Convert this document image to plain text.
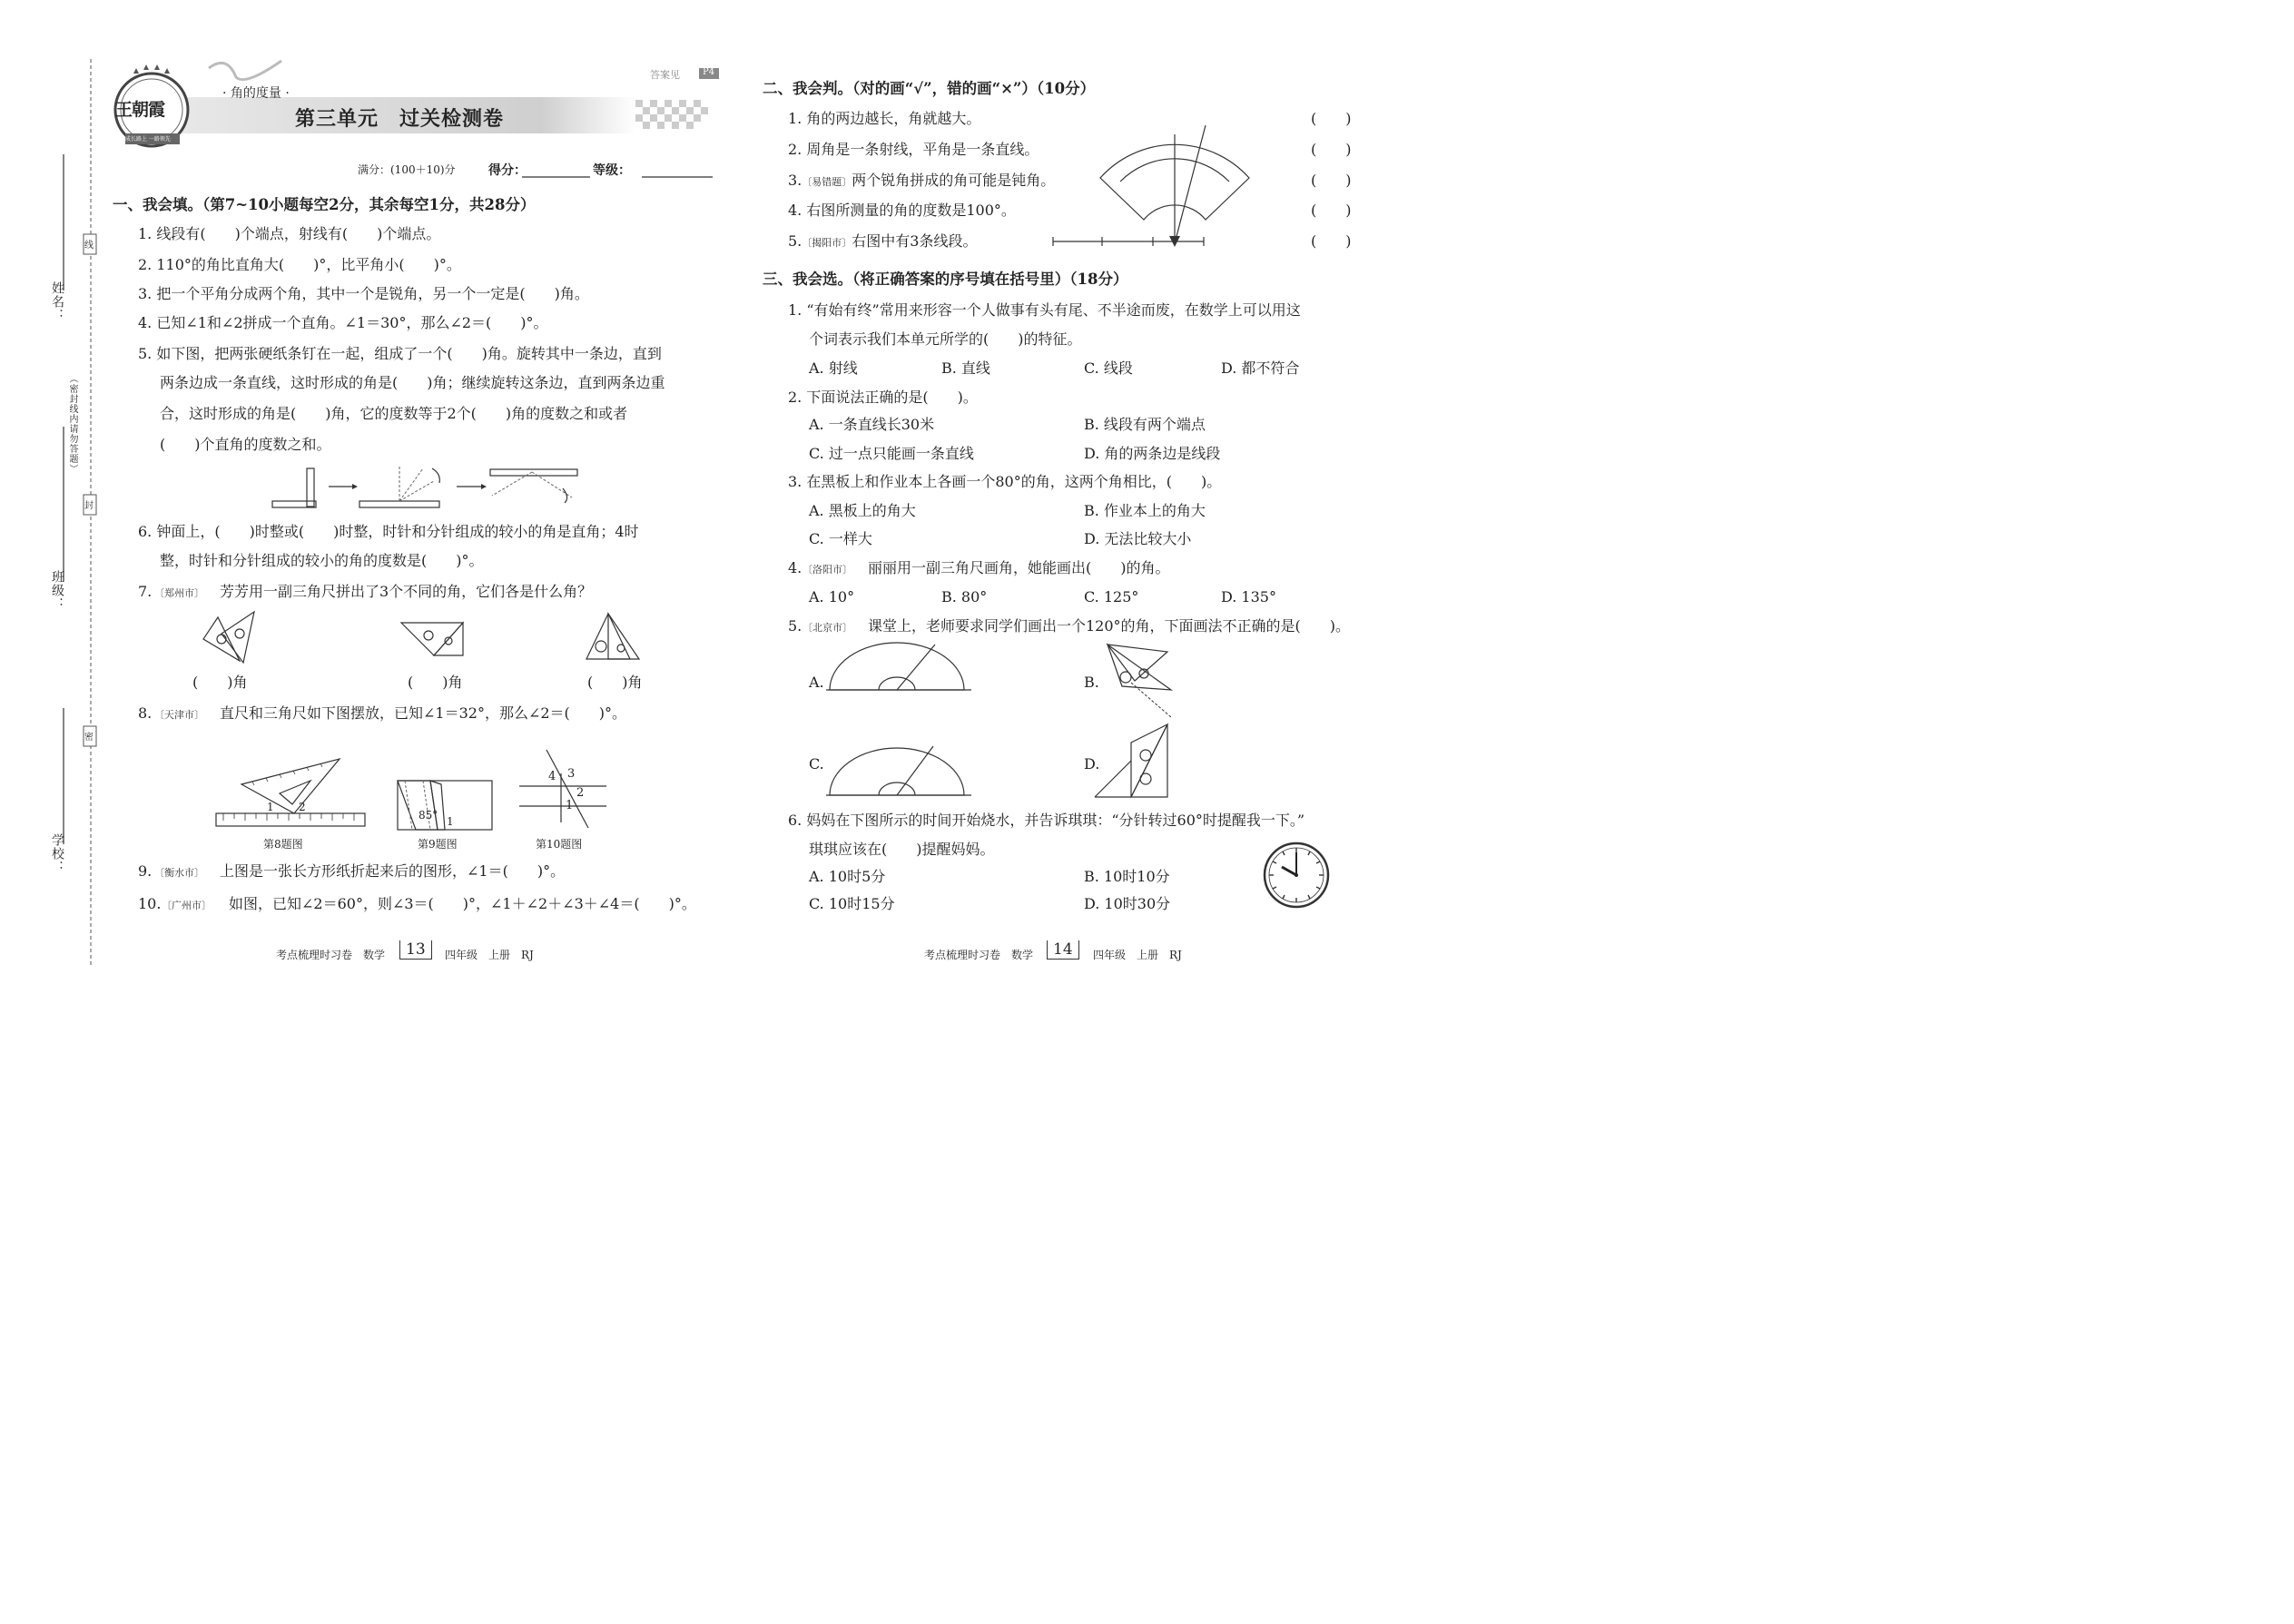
姓名：
班级：
学校：
（密封线内请勿答题）
线
封
密
王朝霞
成长路上 一路领先
· 角的度量 ·
第三单元　过关检测卷
答案见	P4
满分：(100＋10)分	得分：	等级：
一、我会填。（第7~10小题每空2分，其余每空1分，共28分）
1. 线段有(　　)个端点，射线有(　　)个端点。
2. 110°的角比直角大(　　)°，比平角小(　　)°。
3. 把一个平角分成两个角，其中一个是锐角，另一个一定是(　　)角。
4. 已知∠1和∠2拼成一个直角。∠1＝30°，那么∠2＝(　　)°。
5. 如下图，把两张硬纸条钉在一起，组成了一个(　　)角。旋转其中一条边，直到
两条边成一条直线，这时形成的角是(　　)角；继续旋转这条边，直到两条边重
合，这时形成的角是(　　)角，它的度数等于2个(　　)角的度数之和或者
(　　)个直角的度数之和。
6. 钟面上，(　　)时整或(　　)时整，时针和分针组成的较小的角是直角；4时
整，时针和分针组成的较小的角的度数是(　　)°。
7. 〔郑州市〕 芳芳用一副三角尺拼出了3个不同的角，它们各是什么角？
(　　)角	(　　)角	(　　)角
8. 〔天津市〕 直尺和三角尺如下图摆放，已知∠1＝32°，那么∠2＝(　　)°。
1 2
85° 1
4 3
2
1
第8题图	第9题图	第10题图
9. 〔衡水市〕 上图是一张长方形纸折起来后的图形，∠1＝(　　)°。
10. 〔广州市〕 如图，已知∠2＝60°，则∠3＝(　　)°，∠1＋∠2＋∠3＋∠4＝(　　)°。
考点梳理时习卷　数学	13	四年级　上册　RJ
二、我会判。（对的画“√”，错的画“×”）（10分）
1. 角的两边越长，角就越大。
2. 周角是一条射线，平角是一条直线。
3.〔易错题〕两个锐角拼成的角可能是钝角。
4. 右图所测量的角的度数是100°。
5.〔揭阳市〕右图中有3条线段。
(　　)
(　　)
(　　)
(　　)
(　　)
三、我会选。（将正确答案的序号填在括号里）（18分）
1. “有始有终”常用来形容一个人做事有头有尾、不半途而废，在数学上可以用这
个词表示我们本单元所学的(　　)的特征。
A. 射线	B. 直线	C. 线段	D. 都不符合
2. 下面说法正确的是(　　)。
A. 一条直线长30米	B. 线段有两个端点
C. 过一点只能画一条直线	D. 角的两条边是线段
3. 在黑板上和作业本上各画一个80°的角，这两个角相比，(　　)。
A. 黑板上的角大	B. 作业本上的角大
C. 一样大	D. 无法比较大小
4. 〔洛阳市〕 丽丽用一副三角尺画角，她能画出(　　)的角。
A. 10°	B. 80°	C. 125°	D. 135°
5. 〔北京市〕 课堂上，老师要求同学们画出一个120°的角，下面画法不正确的是(　　)。
A.	B.
C.	D.
6. 妈妈在下图所示的时间开始烧水，并告诉琪琪：“分针转过60°时提醒我一下。”
琪琪应该在(　　)提醒妈妈。
A. 10时5分	B. 10时10分
C. 10时15分	D. 10时30分
考点梳理时习卷　数学	14	四年级　上册　RJ
